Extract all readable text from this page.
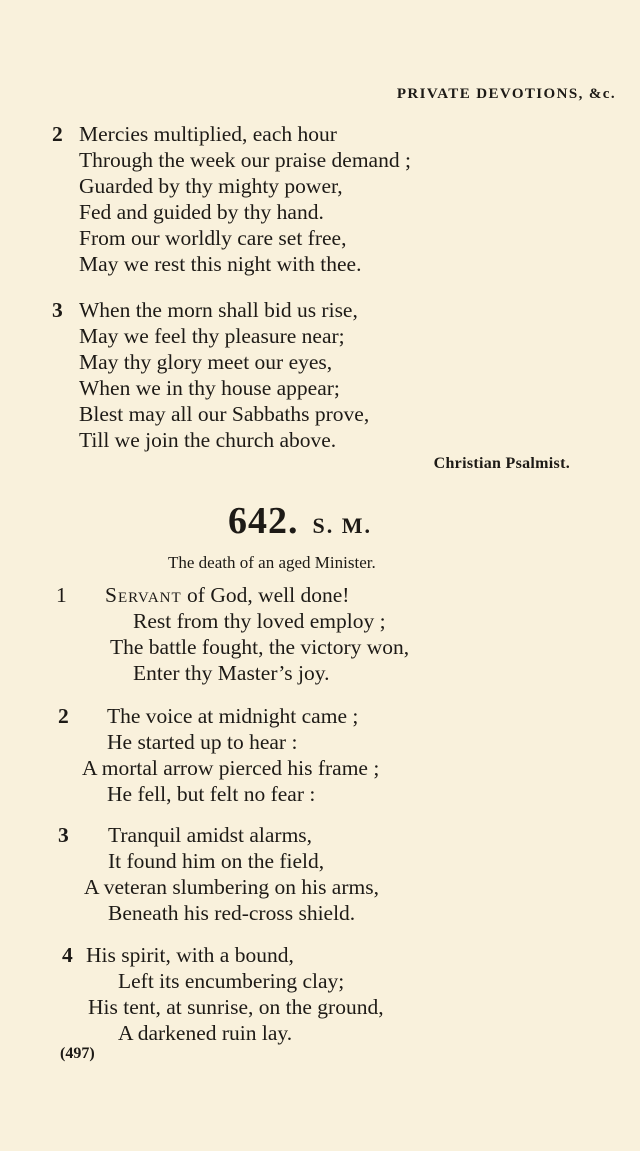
PRIVATE DEVOTIONS, &c.
2 Mercies multiplied, each hour
Through the week our praise demand ;
Guarded by thy mighty power,
Fed and guided by thy hand.
From our worldly care set free,
May we rest this night with thee.
3 When the morn shall bid us rise,
May we feel thy pleasure near;
May thy glory meet our eyes,
When we in thy house appear;
Blest may all our Sabbaths prove,
Till we join the church above.
Christian Psalmist.
642. S. M.
The death of an aged Minister.
1 Servant of God, well done!
Rest from thy loved employ ;
The battle fought, the victory won,
Enter thy Master’s joy.
2 The voice at midnight came ;
He started up to hear :
A mortal arrow pierced his frame ;
He fell, but felt no fear :
3 Tranquil amidst alarms,
It found him on the field,
A veteran slumbering on his arms,
Beneath his red-cross shield.
4 His spirit, with a bound,
Left its encumbering clay;
His tent, at sunrise, on the ground,
A darkened ruin lay.
(497)
